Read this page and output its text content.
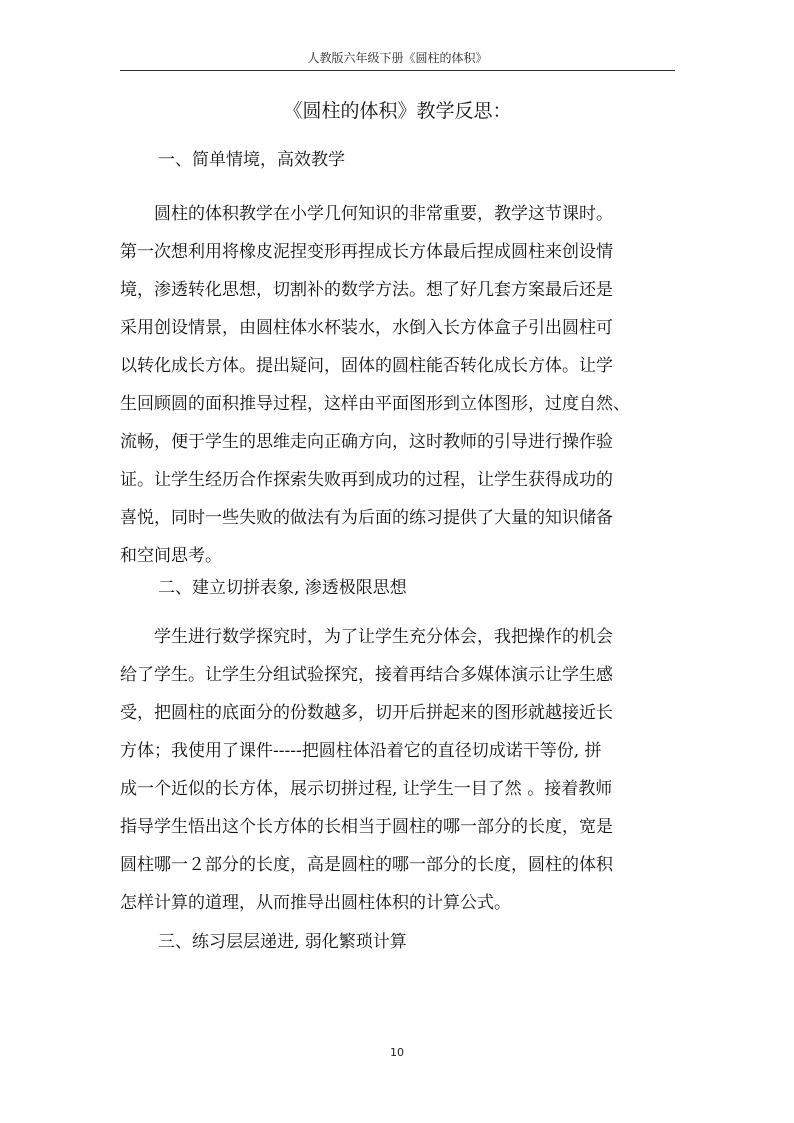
人教版六年级下册《圆柱的体积》
《圆柱的体积》教学反思：
一、简单情境，高效教学
　　圆柱的体积教学在小学几何知识的非常重要，教学这节课时。
第一次想利用将橡皮泥捏变形再捏成长方体最后捏成圆柱来创设情
境，渗透转化思想，切割补的数学方法。想了好几套方案最后还是
采用创设情景，由圆柱体水杯装水，水倒入长方体盒子引出圆柱可
以转化成长方体。提出疑问，固体的圆柱能否转化成长方体。让学
生回顾圆的面积推导过程，这样由平面图形到立体图形，过度自然、
流畅，便于学生的思维走向正确方向，这时教师的引导进行操作验
证。让学生经历合作探索失败再到成功的过程，让学生获得成功的
喜悦，同时一些失败的做法有为后面的练习提供了大量的知识储备
和空间思考。
二、建立切拼表象, 渗透极限思想
　　学生进行数学探究时，为了让学生充分体会，我把操作的机会
给了学生。让学生分组试验探究，接着再结合多媒体演示让学生感
受，把圆柱的底面分的份数越多，切开后拼起来的图形就越接近长
方体；我使用了课件-----把圆柱体沿着它的直径切成诺干等份, 拼
成一个近似的长方体，展示切拼过程, 让学生一目了然 。接着教师
指导学生悟出这个长方体的长相当于圆柱的哪一部分的长度，宽是
圆柱哪一２部分的长度，高是圆柱的哪一部分的长度，圆柱的体积
怎样计算的道理，从而推导出圆柱体积的计算公式。
三、练习层层递进, 弱化繁琐计算
10
